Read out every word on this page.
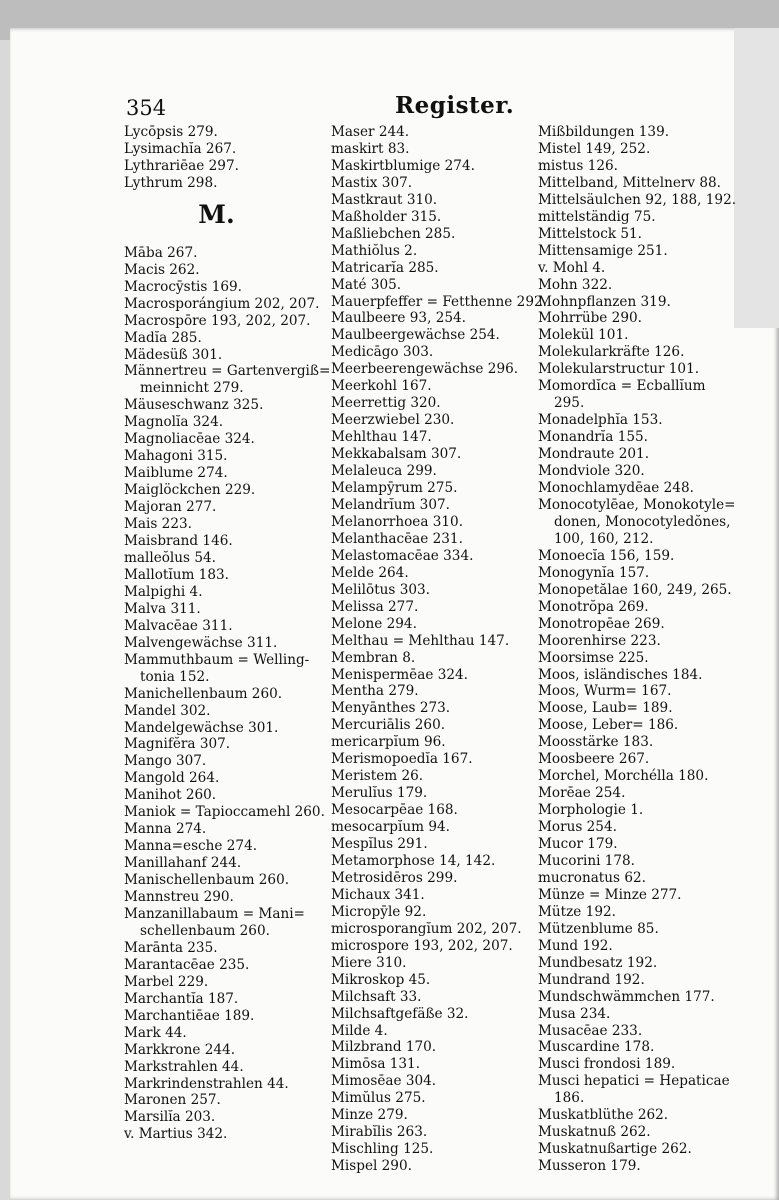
354	Register.
Lycōpsis 279.
Lysimachĭa 267.
Lythrariēae 297.
Lythrum 298.
M.
Māba 267.
Macis 262.
Macrocȳstis 169.
Macrosporángium 202, 207.
Macrospōre 193, 202, 207.
Madĭa 285.
Mädesüß 301.
Männertreu = Gartenvergiß=
meinnicht 279.
Mäuseschwanz 325.
Magnolĭa 324.
Magnoliacēae 324.
Mahagoni 315.
Maiblume 274.
Maiglöckchen 229.
Majoran 277.
Mais 223.
Maisbrand 146.
malleŏlus 54.
Mallotĭum 183.
Malpighi 4.
Malva 311.
Malvacēae 311.
Malvengewächse 311.
Mammuthbaum = Welling-
tonia 152.
Manichellenbaum 260.
Mandel 302.
Mandelgewächse 301.
Magnifĕra 307.
Mango 307.
Mangold 264.
Manihot 260.
Maniok = Tapioccamehl 260.
Manna 274.
Manna=esche 274.
Manillahanf 244.
Manischellenbaum 260.
Mannstreu 290.
Manzanillabaum = Mani=
schellenbaum 260.
Marānta 235.
Marantacēae 235.
Marbel 229.
Marchantĭa 187.
Marchantiēae 189.
Mark 44.
Markkrone 244.
Markstrahlen 44.
Markrindenstrahlen 44.
Maronen 257.
Marsilĭa 203.
v. Martius 342.
Maser 244.
maskirt 83.
Maskirtblumige 274.
Mastix 307.
Mastkraut 310.
Maßholder 315.
Maßliebchen 285.
Mathiŏlus 2.
Matricarĭa 285.
Maté 305.
Mauerpfeffer = Fetthenne 292.
Maulbeere 93, 254.
Maulbeergewächse 254.
Medicāgo 303.
Meerbeerengewächse 296.
Meerkohl 167.
Meerrettig 320.
Meerzwiebel 230.
Mehlthau 147.
Mekkabalsam 307.
Melaleuca 299.
Melampȳrum 275.
Melandrĭum 307.
Melanorrhoea 310.
Melanthacēae 231.
Melastomacēae 334.
Melde 264.
Melilōtus 303.
Melissa 277.
Melone 294.
Melthau = Mehlthau 147.
Membran 8.
Menispermēae 324.
Mentha 279.
Menyānthes 273.
Mercuriālis 260.
mericarpĭum 96.
Merismopoedĭa 167.
Meristem 26.
Merulĭus 179.
Mesocarpēae 168.
mesocarpĭum 94.
Mespĭlus 291.
Metamorphose 14, 142.
Metrosidēros 299.
Michaux 341.
Micropȳle 92.
microsporangĭum 202, 207.
microspore 193, 202, 207.
Miere 310.
Mikroskop 45.
Milchsaft 33.
Milchsaftgefäße 32.
Milde 4.
Milzbrand 170.
Mimōsa 131.
Mimosēae 304.
Mimŭlus 275.
Minze 279.
Mirabĭlis 263.
Mischling 125.
Mispel 290.
Mißbildungen 139.
Mistel 149, 252.
mistus 126.
Mittelband, Mittelnerv 88.
Mittelsäulchen 92, 188, 192.
mittelständig 75.
Mittelstock 51.
Mittensamige 251.
v. Mohl 4.
Mohn 322.
Mohnpflanzen 319.
Mohrrübe 290.
Molekül 101.
Molekularkräfte 126.
Molekularstructur 101.
Momordĭca = Ecballĭum
295.
Monadelphĭa 153.
Monandrĭa 155.
Mondraute 201.
Mondviole 320.
Monochlamydēae 248.
Monocotylēae, Monokotyle=
donen, Monocotyledŏnes,
100, 160, 212.
Monoecĭa 156, 159.
Monogynĭa 157.
Monopetălae 160, 249, 265.
Monotrŏpa 269.
Monotropēae 269.
Moorenhirse 223.
Moorsimse 225.
Moos, isländisches 184.
Moos, Wurm= 167.
Moose, Laub= 189.
Moose, Leber= 186.
Moosstärke 183.
Moosbeere 267.
Morchel, Morchélla 180.
Morēae 254.
Morphologie 1.
Morus 254.
Mucor 179.
Mucorini 178.
mucronatus 62.
Münze = Minze 277.
Mütze 192.
Mützenblume 85.
Mund 192.
Mundbesatz 192.
Mundrand 192.
Mundschwämmchen 177.
Musa 234.
Musacēae 233.
Muscardine 178.
Musci frondosi 189.
Musci hepatici = Hepaticae
186.
Muskatblüthe 262.
Muskatnuß 262.
Muskatnußartige 262.
Musseron 179.
